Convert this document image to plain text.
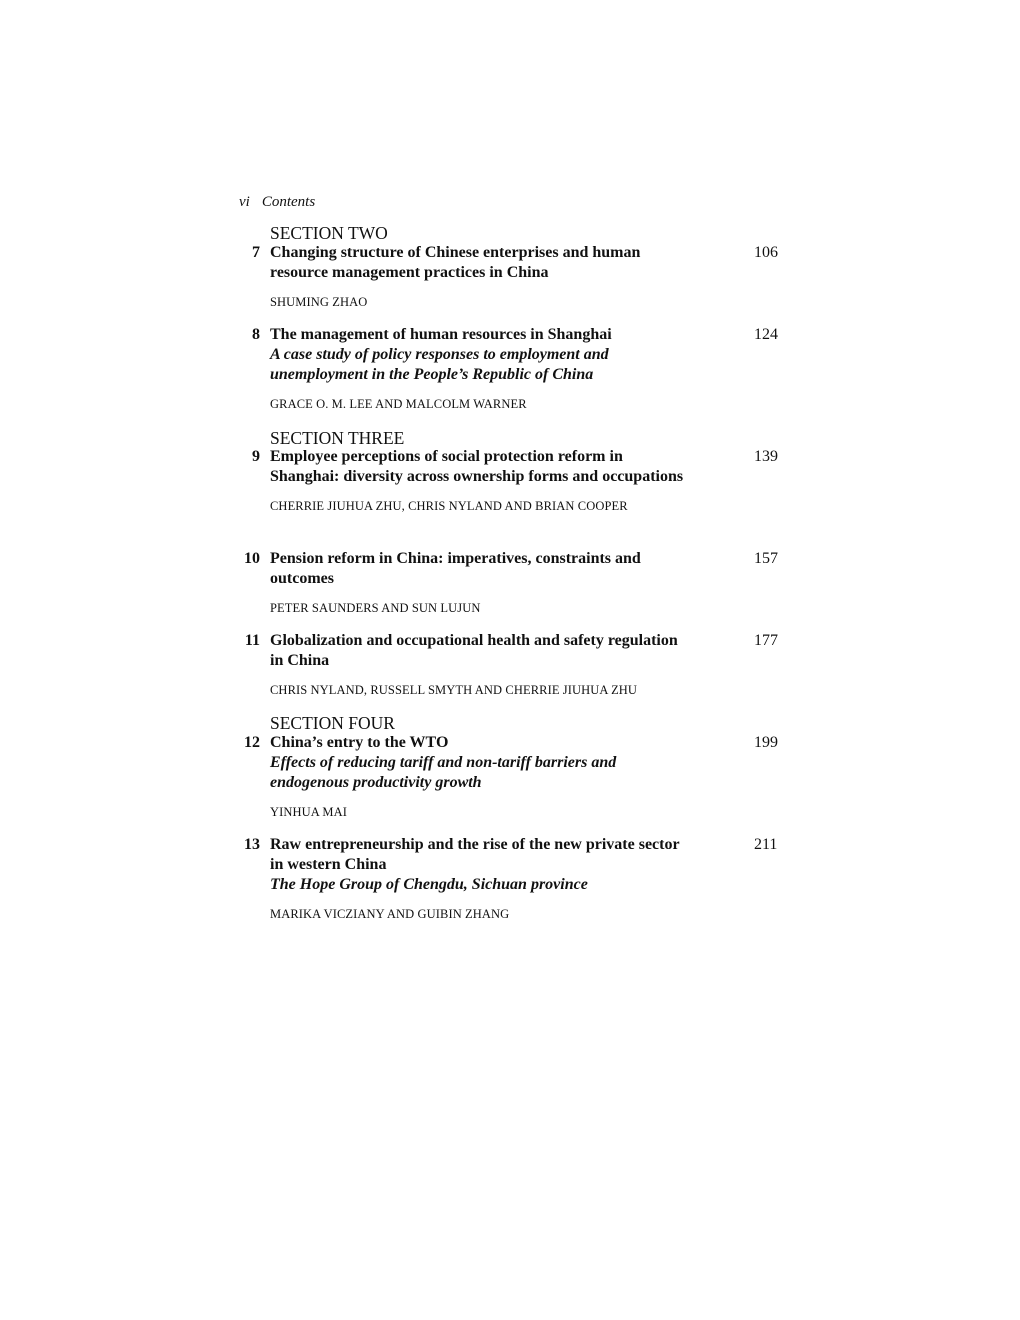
vi Contents
SECTION TWO
7 Changing structure of Chinese enterprises and human resource management practices in China
SHUMING ZHAO
106
8 The management of human resources in Shanghai
A case study of policy responses to employment and unemployment in the People’s Republic of China
GRACE O. M. LEE AND MALCOLM WARNER
124
SECTION THREE
9 Employee perceptions of social protection reform in Shanghai: diversity across ownership forms and occupations
CHERRIE JIUHUA ZHU, CHRIS NYLAND AND BRIAN COOPER
139
10 Pension reform in China: imperatives, constraints and outcomes
PETER SAUNDERS AND SUN LUJUN
157
11 Globalization and occupational health and safety regulation in China
CHRIS NYLAND, RUSSELL SMYTH AND CHERRIE JIUHUA ZHU
177
SECTION FOUR
12 China’s entry to the WTO
Effects of reducing tariff and non-tariff barriers and endogenous productivity growth
YINHUA MAI
199
13 Raw entrepreneurship and the rise of the new private sector in western China
The Hope Group of Chengdu, Sichuan province
MARIKA VICZIANY AND GUIBIN ZHANG
211
